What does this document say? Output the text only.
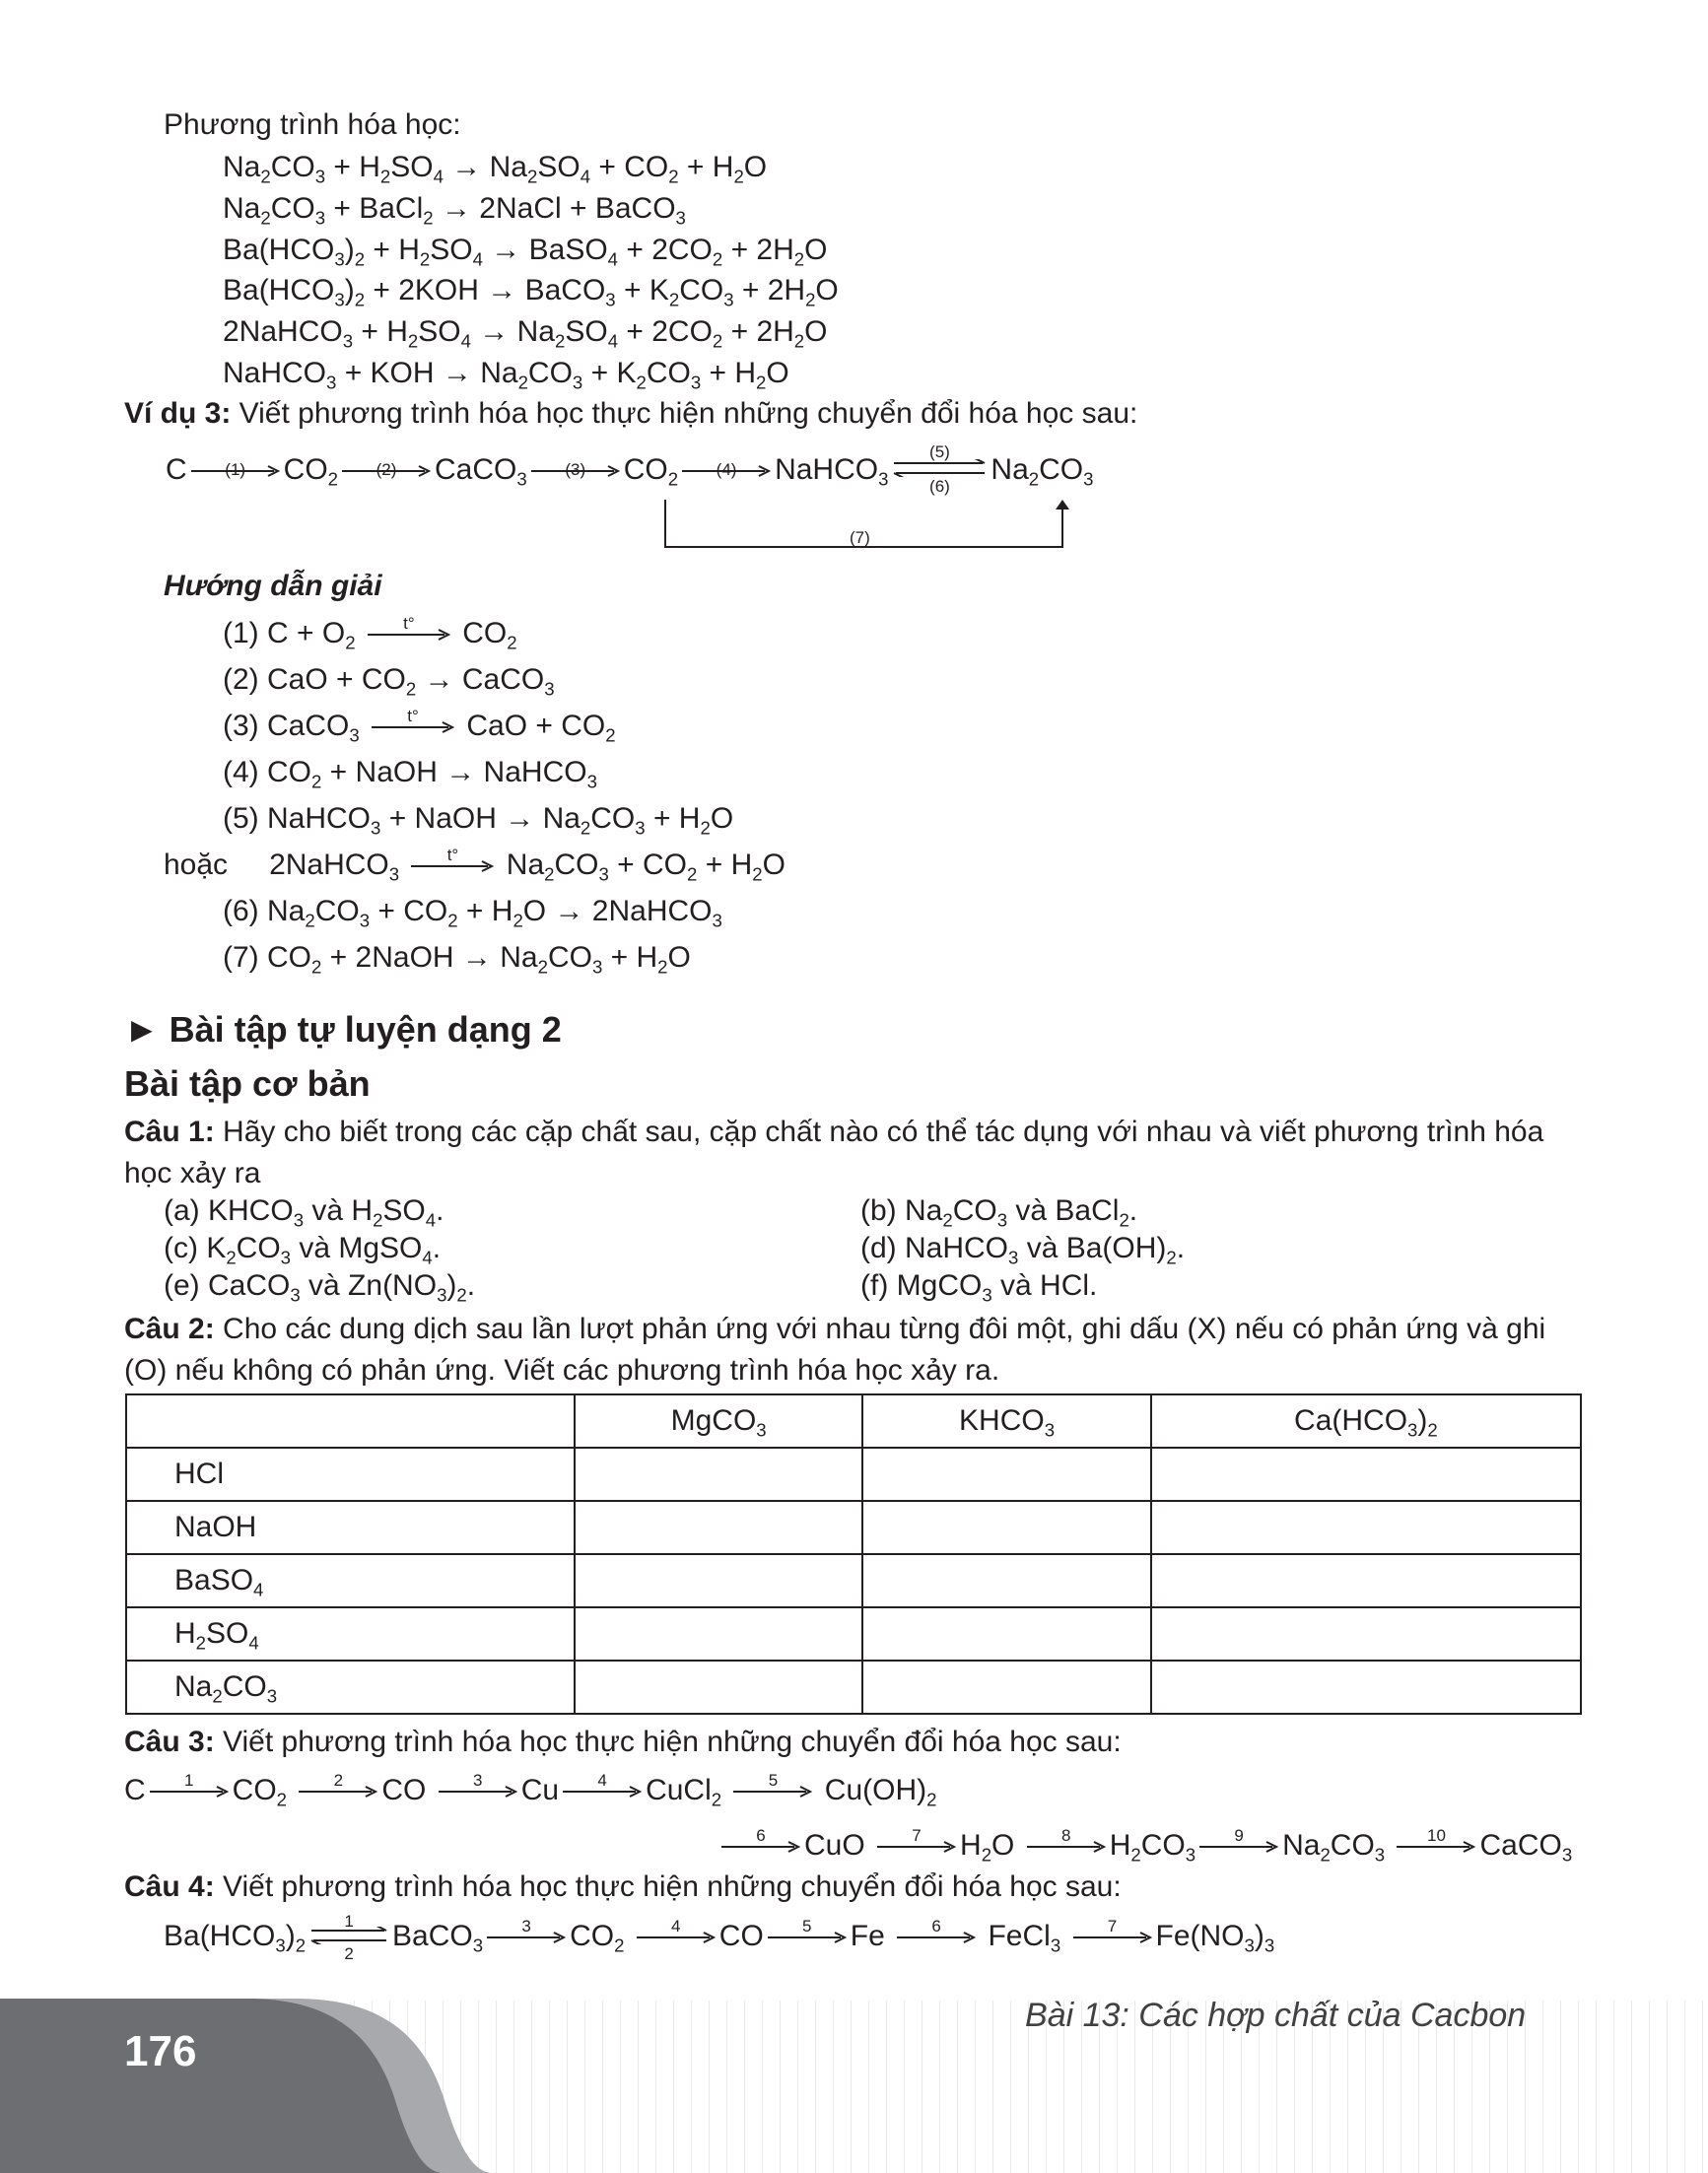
Phương trình hóa học:
$Na_2CO_3 + H_2SO_4 \to Na_2SO_4 + CO_2 + H_2O$
$Na_2CO_3$ + BaCl$_2$ → 2NaCl + BaCO$_3$
$Ba(HCO_3)_2 + H_2SO_4$ → BaSO$_4$ + $2CO_2 + 2H_2O$
$Ba(HCO_3)_2 + 2KOH$ → BaCO$_3$ + $K_2CO_3 + 2H_2O$
2NaHCO$_3$ + $H_2SO_4 \to Na_2SO_4 + 2CO_2 + 2H_2O$
NaHCO$_3$ + KOH → $Na_2CO_3 + K_2CO_3 + H_2O$
Ví dụ 3: Viết phương trình hóa học thực hiện những chuyển đổi hóa học sau:
C	(1)	$CO_2$	(2)	CaCO$_3$	(3)	$CO_2$	(4)	NaHCO$_3$
(5)
(6)
$Na_2CO_3$
(7)
Hướng dẫn giải
(1) $C + O_2$
t°	$CO_2$
(2) CaO + $CO_2$ → CaCO$_3$
(3) CaCO$_3$
t°	CaO + $CO_2$
(4) $CO_2$ + NaOH → NaHCO$_3$
(5) NaHCO$_3$ + NaOH → $Na_2CO_3 + H_2O$
hoặc 2NaHCO$_3$
t°	$Na_2CO_3 + CO_2 + H_2O$
(6) $Na_2CO_3 + CO_2 + H_2O$ → 2NaHCO$_3$
(7) $CO_2$ + 2NaOH → $Na_2CO_3 + H_2O$
► Bài tập tự luyện dạng 2
Bài tập cơ bản
Câu 1: Hãy cho biết trong các cặp chất sau, cặp chất nào có thể tác dụng với nhau và viết phương trình hóa
học xảy ra
(a) $KHCO_3$ và $H_2SO_4$.	(b) $Na_2CO_3$ và BaCl$_2$.
(c) $K_2CO_3$ và MgSO$_4$.	(d) NaHCO$_3$ và $Ba(OH)_2$.
(e) CaCO$_3$ và $Zn(NO_3)_2$.	(f) MgCO$_3$ và HCl.
Câu 2: Cho các dung dịch sau lần lượt phản ứng với nhau từng đôi một, ghi dấu (X) nếu có phản ứng và ghi
(O) nếu không có phản ứng. Viết các phương trình hóa học xảy ra.
	MgCO$_3$	$KHCO_3$	$Ca(HCO_3)_2$
HCl			
NaOH			
BaSO$_4$			
$H_2SO_4$			
$Na_2CO_3$			
Câu 3: Viết phương trình hóa học thực hiện những chuyển đổi hóa học sau:
C	1	$CO_2$
2	CO	3	Cu	4	CuCl$_2$
5	$Cu(OH)_2$
6	CuO	7	$H_2O$	8	$H_2CO_3$
9	$Na_2CO_3$
10	CaCO$_3$
Câu 4: Viết phương trình hóa học thực hiện những chuyển đổi hóa học sau:
$Ba(HCO_3)_2$
1
2
BaCO$_3$
3	$CO_2$
4	CO	5	Fe	6	FeCl$_3$
7	$Fe(NO_3)_3$
176
Bài 13: Các hợp chất của Cacbon
